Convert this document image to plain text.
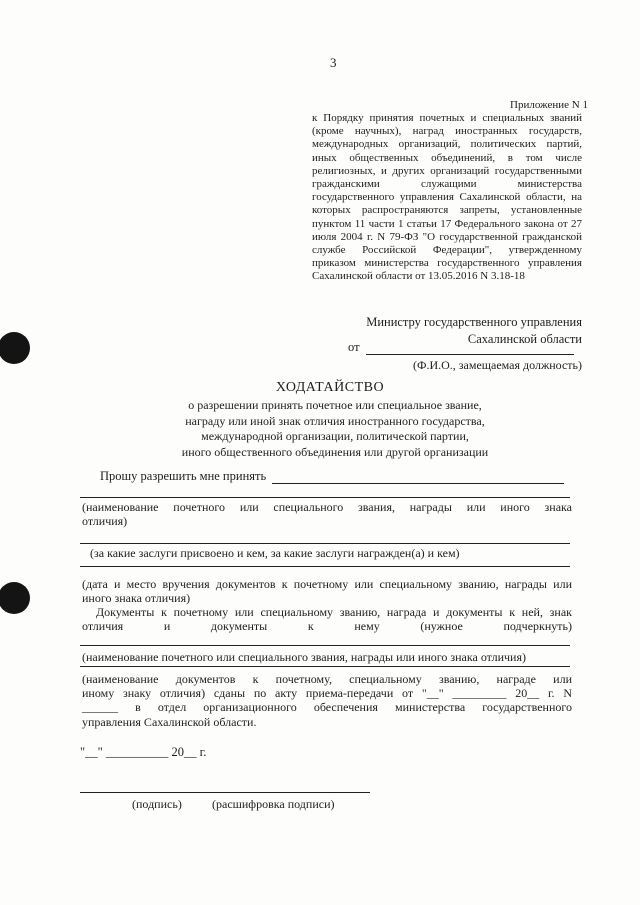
3
Приложение N 1
к Порядку принятия почетных и специальных званий (кроме научных), наград иностранных государств, международных организаций, политических партий, иных общественных объединений, в том числе религиозных, и других организаций государственными гражданскими служащими министерства государственного управления Сахалинской области, на которых распространяются запреты, установленные пунктом 11 части 1 статьи 17 Федерального закона от 27 июля 2004 г. N 79-ФЗ "О государственной гражданской службе Российской Федерации", утвержденному приказом министерства государственного управления Сахалинской области от 13.05.2016 N 3.18-18
Министру государственного управления
Сахалинской области
от
(Ф.И.О., замещаемая должность)
ХОДАТАЙСТВО
о разрешении принять почетное или специальное звание,
награду или иной знак отличия иностранного государства,
международной организации, политической партии,
иного общественного объединения или другой организации
Прошу разрешить мне принять
(наименование почетного или специального звания, награды или иного знака
отличия)
(за какие заслуги присвоено и кем, за какие заслуги награжден(а) и кем)
(дата и место вручения документов к почетному или специальному званию, награды или
иного знака отличия)
Документы к почетному или специальному званию, награда и документы к ней, знак
отличия и документы к нему (нужное подчеркнуть)
(наименование почетного или специального звания, награды или иного знака отличия)
(наименование документов к почетному, специальному званию, награде или
иному знаку отличия) сданы по акту приема-передачи от "__" _________ 20__ г. N
______ в отдел организационного обеспечения министерства государственного
управления Сахалинской области.
"__" __________ 20__ г.
(подпись)	(расшифровка подписи)
